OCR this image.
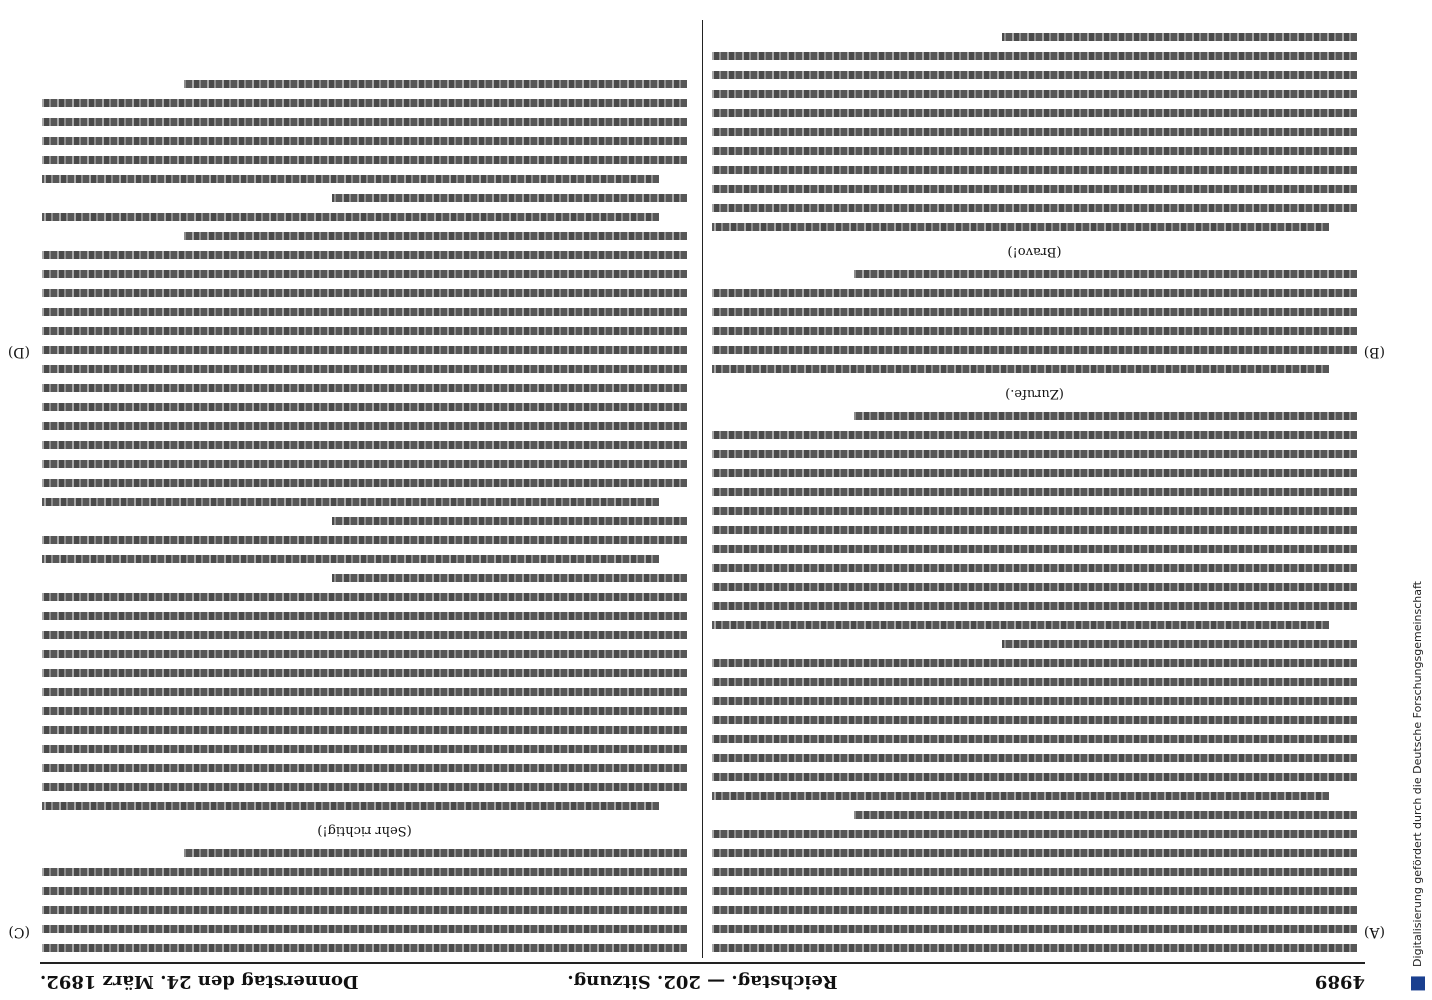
4989
Reichstag. — 202. Sitzung.
Donnerstag den 24. März 1892.
(A)
(B)
(C)
(D)
(Zurufe.)
(Bravo!)
(Sehr richtig!)	Digitalisierung gefördert durch die Deutsche Forschungsgemeinschaft
